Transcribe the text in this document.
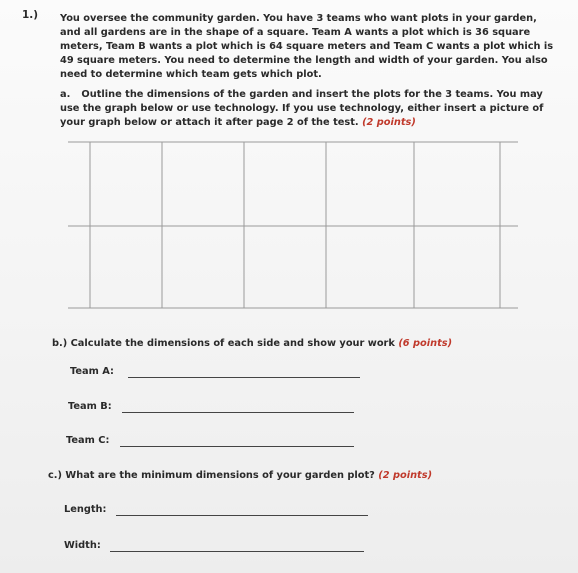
1.) You oversee the community garden. You have 3 teams who want plots in your garden, and all gardens are in the shape of a square. Team A wants a plot which is 36 square meters, Team B wants a plot which is 64 square meters and Team C wants a plot which is 49 square meters. You need to determine the length and width of your garden. You also need to determine which team gets which plot.
a. Outline the dimensions of the garden and insert the plots for the 3 teams. You may use the graph below or use technology. If you use technology, either insert a picture of your graph below or attach it after page 2 of the test. (2 points)
b.) Calculate the dimensions of each side and show your work (6 points)
Team A:
Team B:
Team C:
c.) What are the minimum dimensions of your garden plot? (2 points)
Length:
Width:
